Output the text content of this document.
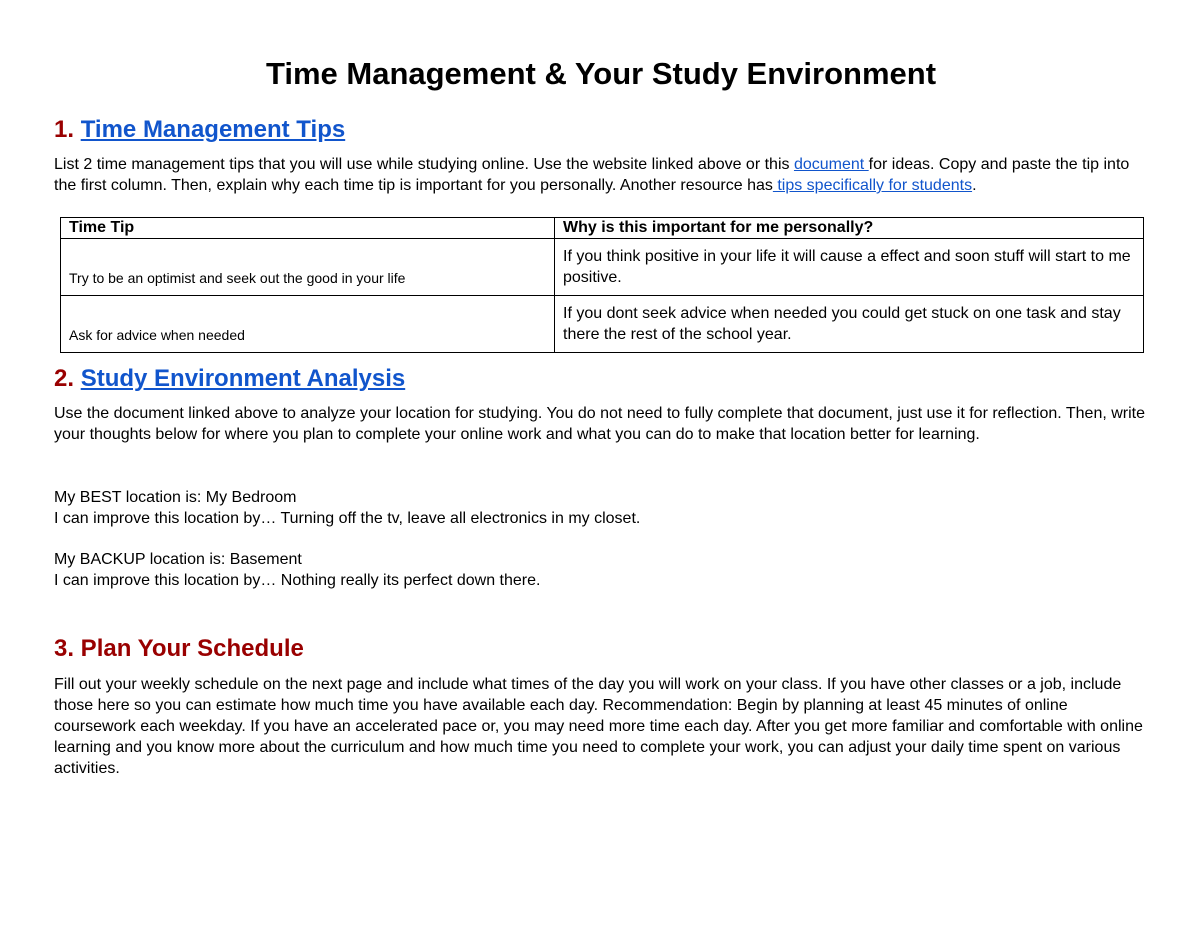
Time Management & Your Study Environment
1. Time Management Tips

List 2 time management tips that you will use while studying online. Use the website linked above or this document for ideas. Copy and paste the tip into the first column. Then, explain why each time tip is important for you personally. Another resource has tips specifically for students.

Time Tip	Why is this important for me personally?
Try to be an optimist and seek out the good in your life	If you think positive in your life it will cause a effect and soon stuff will start to me positive.
Ask for advice when needed	If you dont seek advice when needed you could get stuck on one task and stay there the rest of the school year.
2. Study Environment Analysis

Use the document linked above to analyze your location for studying. You do not need to fully complete that document, just use it for reflection. Then, write your thoughts below for where you plan to complete your online work and what you can do to make that location better for learning.

My BEST location is: My Bedroom

I can improve this location by… Turning off the tv, leave all electronics in my closet.

My BACKUP location is: Basement

I can improve this location by… Nothing really its perfect down there.

3. Plan Your Schedule

Fill out your weekly schedule on the next page and include what times of the day you will work on your class. If you have other classes or a job, include those here so you can estimate how much time you have available each day. Recommendation: Begin by planning at least 45 minutes of online coursework each weekday. If you have an accelerated pace or, you may need more time each day. After you get more familiar and comfortable with online learning and you know more about the curriculum and how much time you need to complete your work, you can adjust your daily time spent on various activities.
